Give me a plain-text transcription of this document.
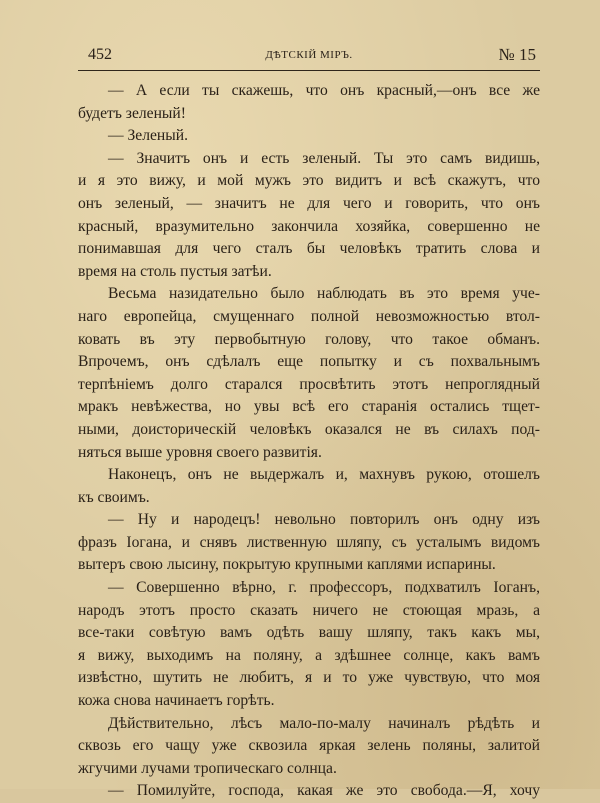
452	ДѢТСКІЙ МІРЪ.	№ 15
— А если ты скажешь, что онъ красный,—онъ все же
будетъ зеленый!
— Зеленый.
— Значитъ онъ и есть зеленый. Ты это самъ видишь,
и я это вижу, и мой мужъ это видитъ и всѣ скажутъ, что
онъ зеленый, — значитъ не для чего и говорить, что онъ
красный, вразумительно закончила хозяйка, совершенно не
понимавшая для чего сталъ бы человѣкъ тратить слова и
время на столь пустыя затѣи.
Весьма назидательно было наблюдать въ это время учe-
наго европейца, смущеннаго полной невозможностью втол-
ковать въ эту первобытную голову, что такое обманъ.
Впрочемъ, онъ сдѣлалъ еще попытку и съ похвальнымъ
терпѣніемъ долго старался просвѣтить этотъ непроглядный
мракъ невѣжества, но увы всѣ его старанія остались тщет-
ными, доисторическій человѣкъ оказался не въ силахъ под-
няться выше уровня своего развитія.
Наконецъ, онъ не выдержалъ и, махнувъ рукою, отошелъ
къ своимъ.
— Ну и народецъ! невольно повторилъ онъ одну изъ
фразъ Іогана, и снявъ лиственную шляпу, съ усталымъ видомъ
вытеръ свою лысину, покрытую крупными каплями испарины.
— Совершенно вѣрно, г. профессоръ, подхватилъ Іоганъ,
народъ этотъ просто сказать ничего не стоющая мразь, а
все-таки совѣтую вамъ одѣть вашу шляпу, такъ какъ мы,
я вижу, выходимъ на поляну, а здѣшнее солнце, какъ вамъ
извѣстно, шутить не любитъ, я и то уже чувствую, что моя
кожа снова начинаетъ горѣть.
Дѣйствительно, лѣсъ мало-по-малу начиналъ рѣдѣть и
сквозь его чащу уже сквозила яркая зелень поляны, залитой
жгучими лучами тропическаго солнца.
— Помилуйте, господа, какая же это свобода.—Я, хочу
